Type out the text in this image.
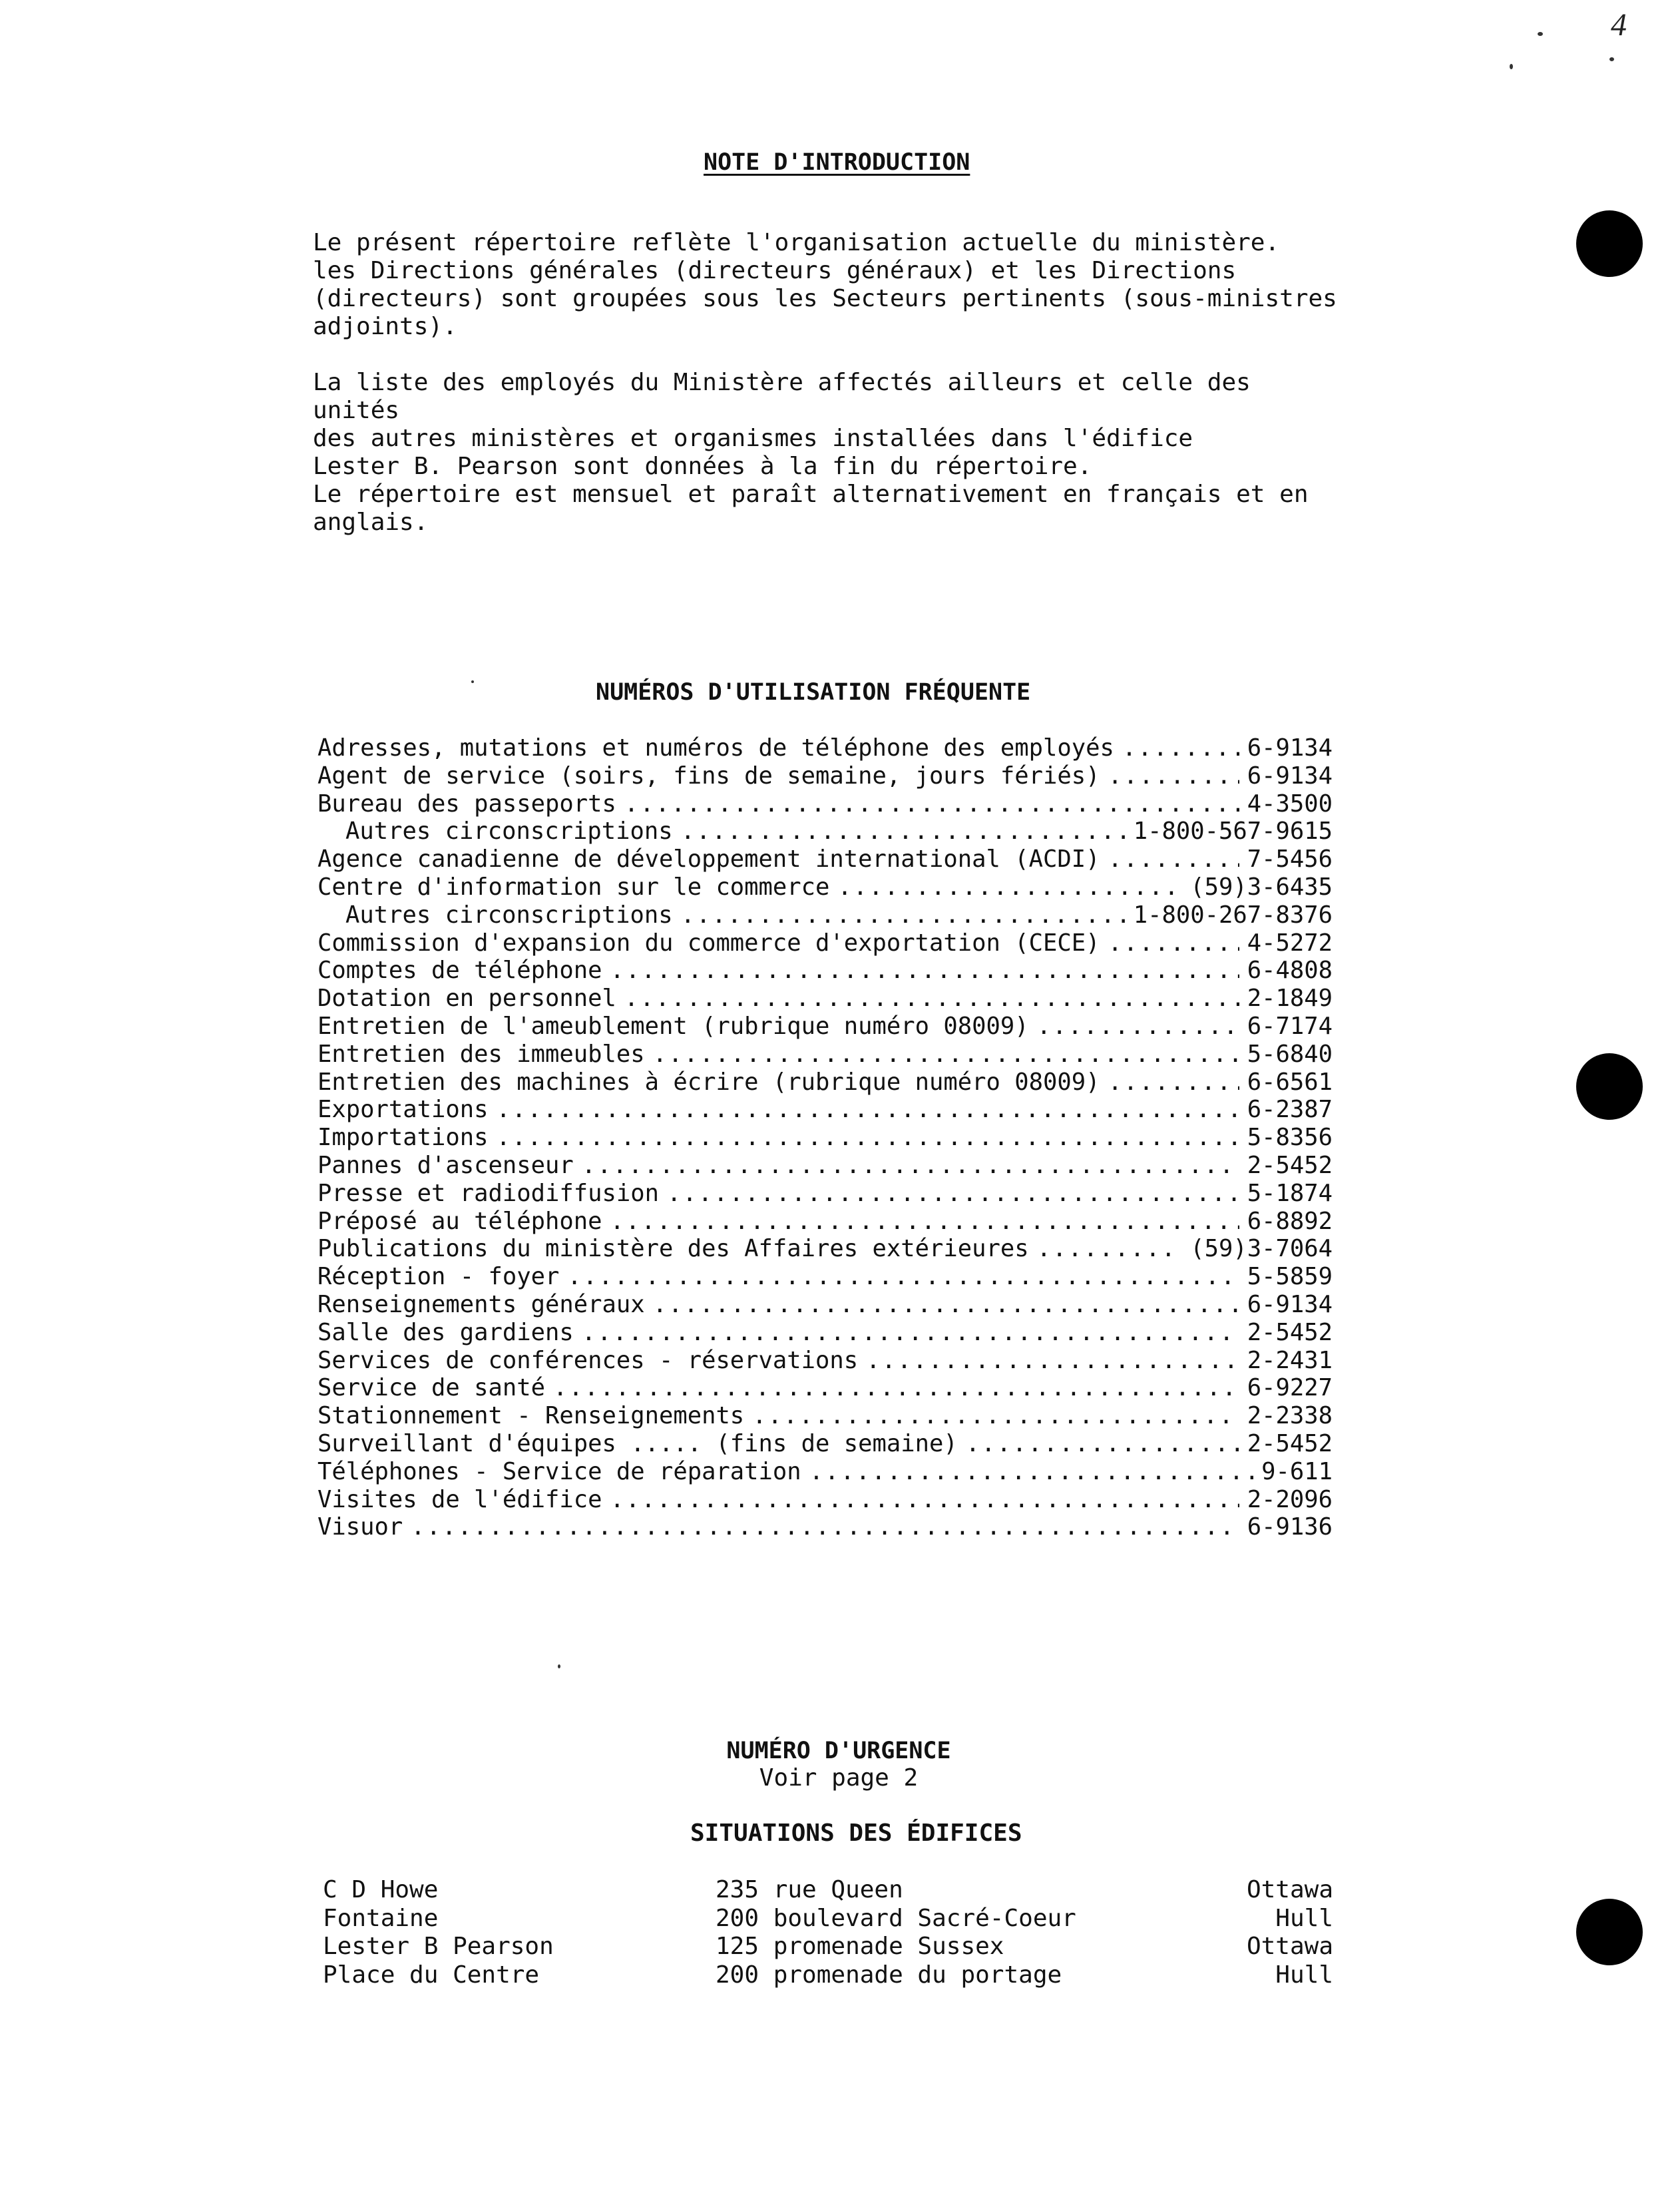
4
NOTE D'INTRODUCTION

Le présent répertoire reflète l'organisation actuelle du ministère.
les Directions générales (directeurs généraux) et les Directions
(directeurs) sont groupées sous les Secteurs pertinents (sous-ministres
adjoints).

La liste des employés du Ministère affectés ailleurs et celle des unités
des autres ministères et organismes installées dans l'édifice
Lester B. Pearson sont données à la fin du répertoire.

Le répertoire est mensuel et paraît alternativement en français et en
anglais.

NUMÉROS D'UTILISATION FRÉQUENTE
Adresses, mutations et numéros de téléphone des employés .....	6-9134
Agent de service (soirs, fins de semaine, jours fériés) .....	6-9134
Bureau des passeports .....	4-3500
Autres circonscriptions .....	1-800-567-9615
Agence canadienne de développement international (ACDI) .....	7-5456
Centre d'information sur le commerce .....	(59)3-6435
Autres circonscriptions .....	1-800-267-8376
Commission d'expansion du commerce d'exportation (CECE) .....	4-5272
Comptes de téléphone .....	6-4808
Dotation en personnel .....	2-1849
Entretien de l'ameublement (rubrique numéro 08009) .....	6-7174
Entretien des immeubles .....	5-6840
Entretien des machines à écrire (rubrique numéro 08009) .....	6-6561
Exportations .....	6-2387
Importations .....	5-8356
Pannes d'ascenseur .....	2-5452
Presse et radiodiffusion .....	5-1874
Préposé au téléphone .....	6-8892
Publications du ministère des Affaires extérieures .....	(59)3-7064
Réception - foyer .....	5-5859
Renseignements généraux .....	6-9134
Salle des gardiens .....	2-5452
Services de conférences - réservations .....	2-2431
Service de santé .....	6-9227
Stationnement - Renseignements .....	2-2338
Surveillant d'équipes ..... (fins de semaine) .....	2-5452
Téléphones - Service de réparation .....	9-611
Visites de l'édifice .....	2-2096
Visuor .....	6-9136
NUMÉRO D'URGENCE
Voir page 2
SITUATIONS DES ÉDIFICES
C D Howe	235 rue Queen	Ottawa
Fontaine	200 boulevard Sacré-Coeur	Hull
Lester B Pearson	125 promenade Sussex	Ottawa
Place du Centre	200 promenade du portage	Hull
